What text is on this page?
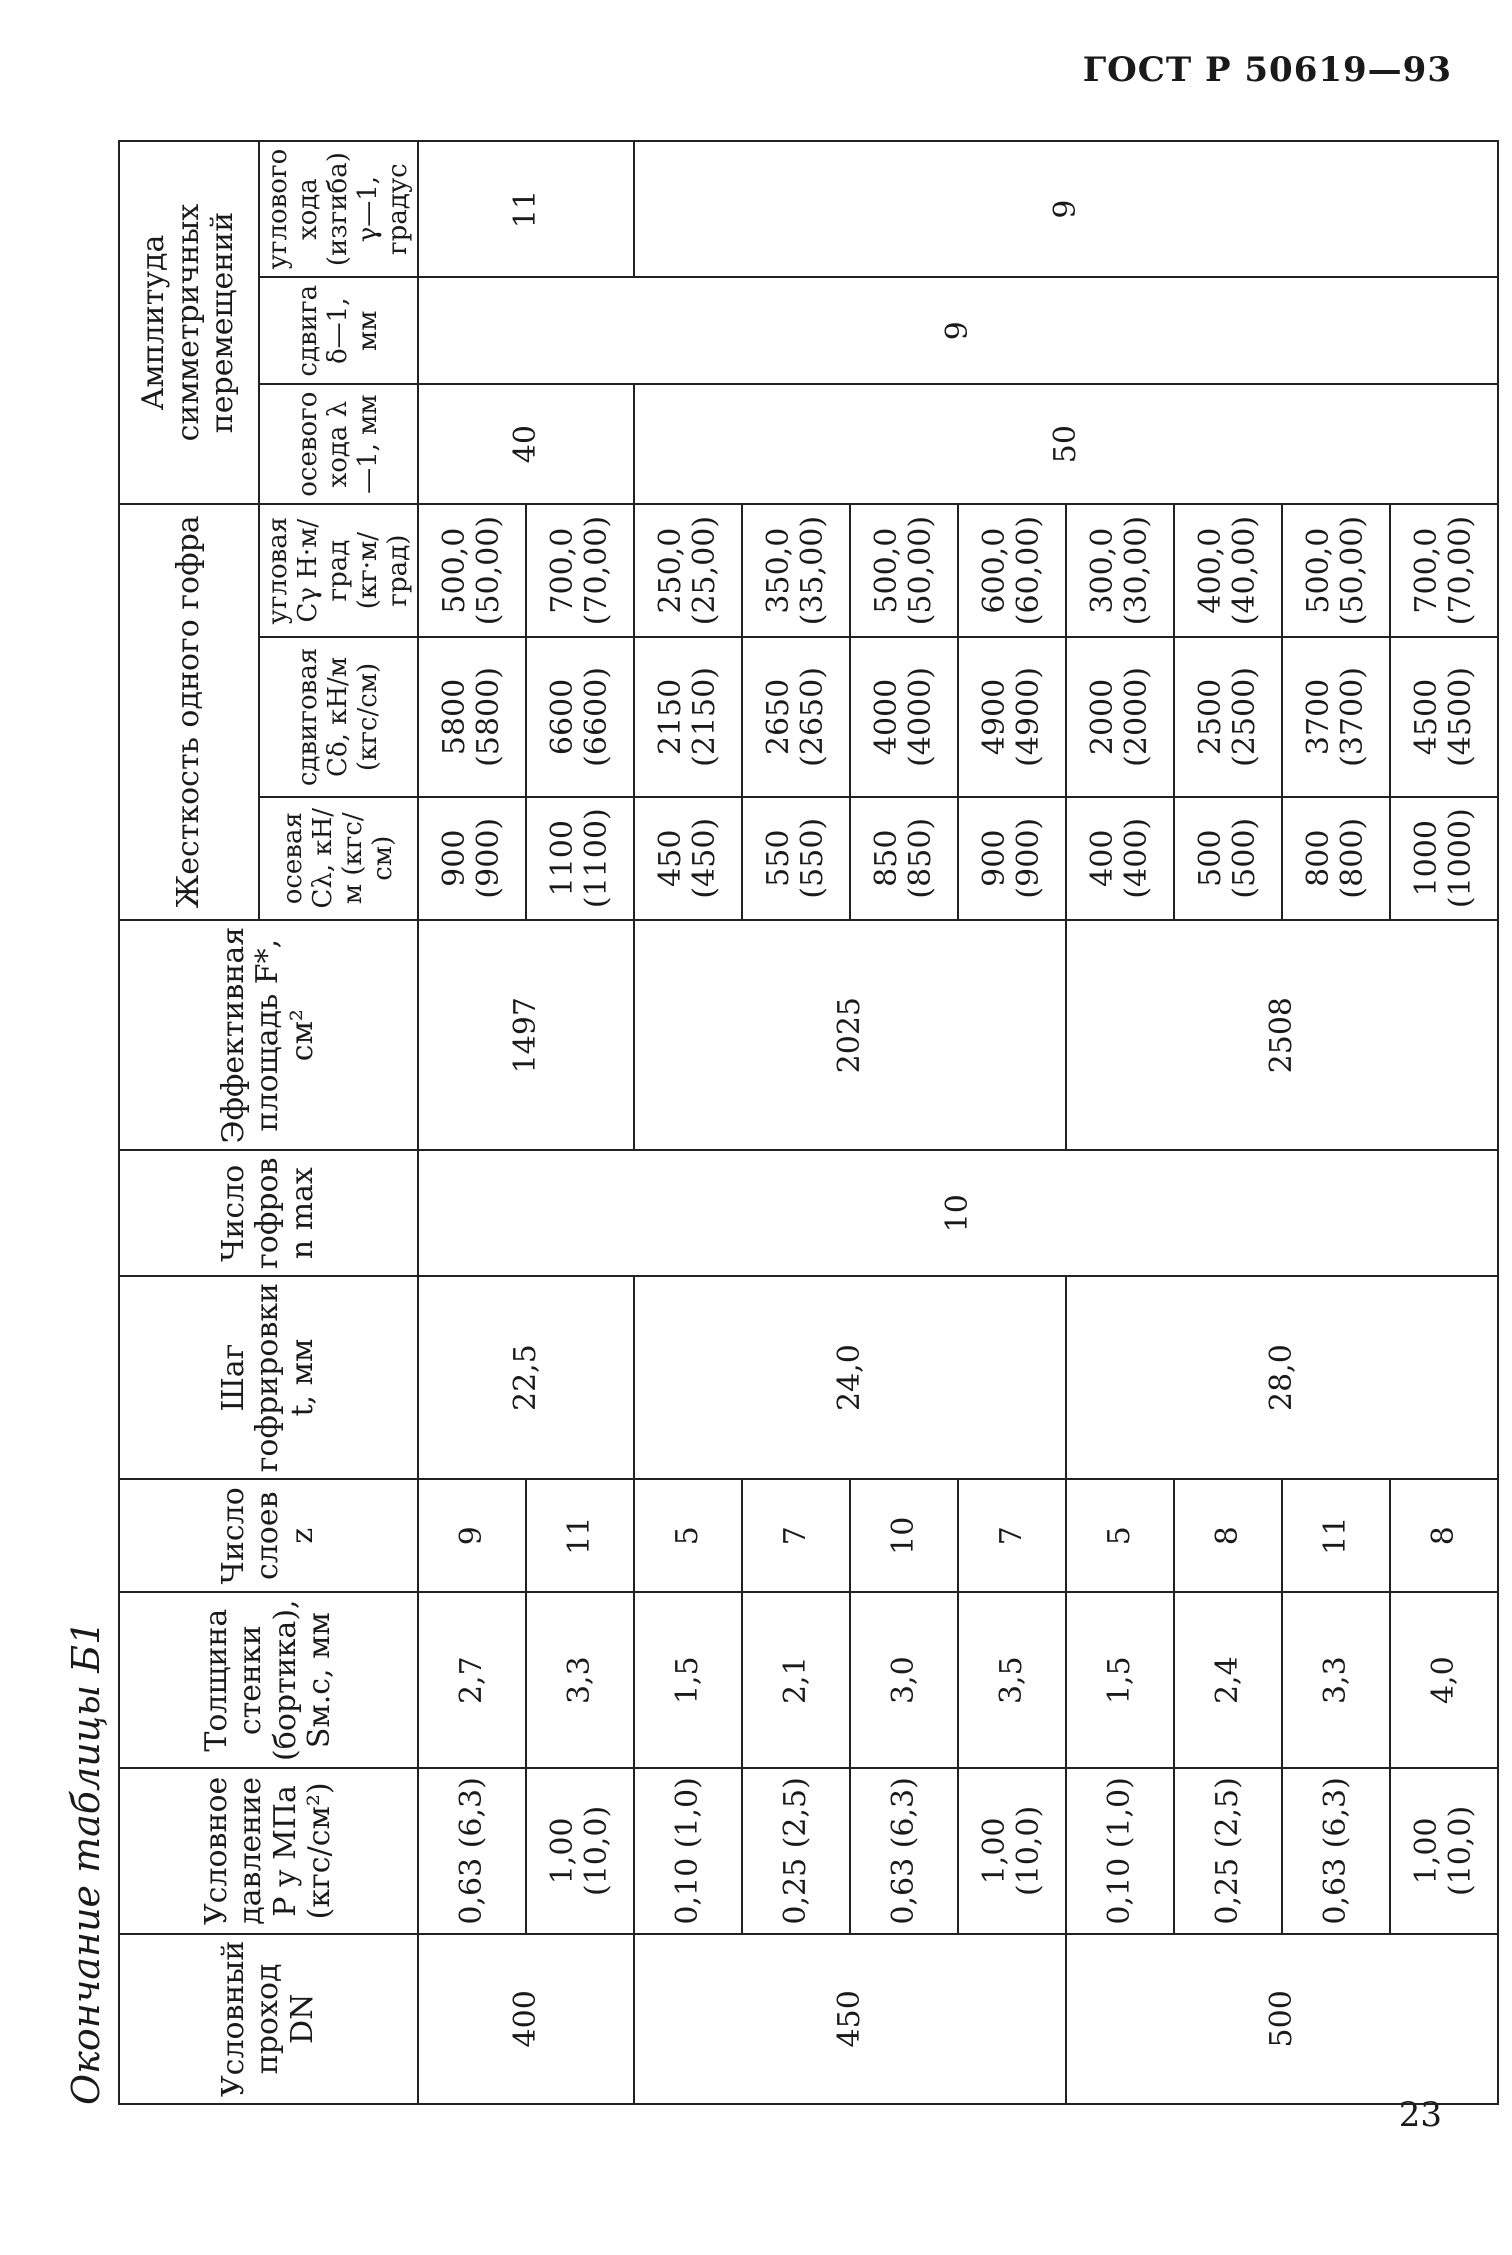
ГОСТ Р 50619—93
23
Окончание таблицы Б1	Условный проход DN	Условное давление P у МПа (кгс/см²)	Толщина стенки (бортика), Sм.с, мм	Число слоев z	Шаг гофрировки t, мм	Число гофров n max	Эффективная площадь F*, см²	Жесткость одного гофра			Амплитуда симметричных перемещений		
							осевая Cλ, кН/м (кгс/см)	сдвиговая Cδ, кН/м (кгс/см)	угловая Cγ Н·м/град (кг·м/град)	осевого хода λ—1, мм	сдвига δ—1, мм	углового хода (изгиба) γ—1, градус
400	0,63 (6,3)	2,7	9	22,5	10	1497	900 (900)	5800 (5800)	500,0 (50,00)	40	9	11
	1,00 (10,0)	3,3	11				1100 (1100)	6600 (6600)	700,0 (70,00)			
450	0,10 (1,0)	1,5	5	24,0		2025	450 (450)	2150 (2150)	250,0 (25,00)	50		9
	0,25 (2,5)	2,1	7				550 (550)	2650 (2650)	350,0 (35,00)			
	0,63 (6,3)	3,0	10				850 (850)	4000 (4000)	500,0 (50,00)			
	1,00 (10,0)	3,5	7				900 (900)	4900 (4900)	600,0 (60,00)			
500	0,10 (1,0)	1,5	5	28,0		2508	400 (400)	2000 (2000)	300,0 (30,00)			
	0,25 (2,5)	2,4	8				500 (500)	2500 (2500)	400,0 (40,00)			
	0,63 (6,3)	3,3	11				800 (800)	3700 (3700)	500,0 (50,00)			
	1,00 (10,0)	4,0	8				1000 (1000)	4500 (4500)	700,0 (70,00)			
